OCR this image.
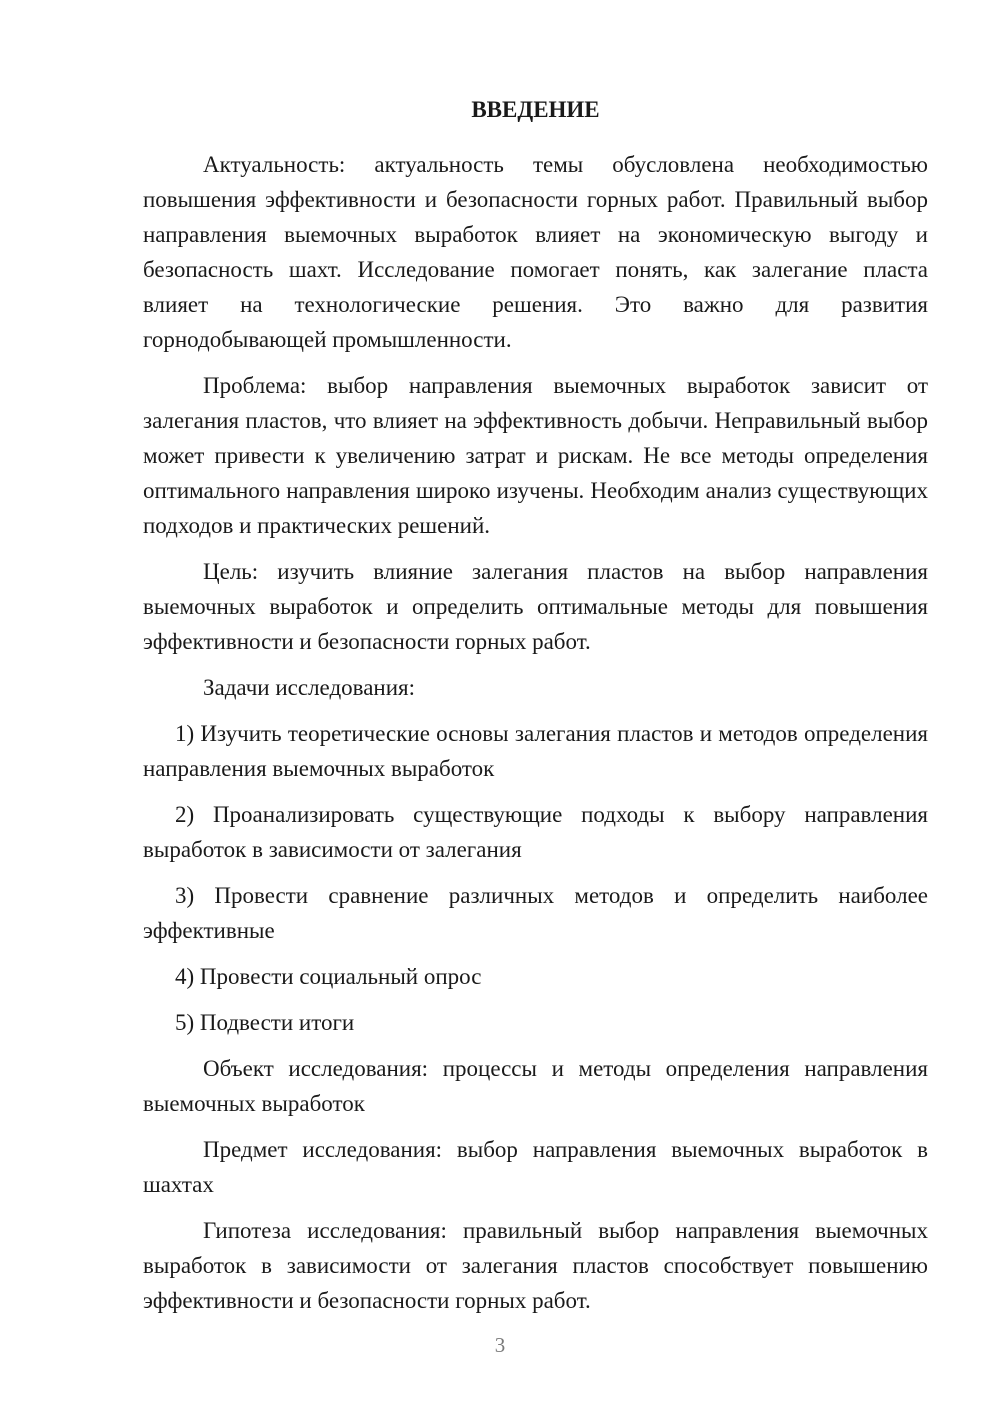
ВВЕДЕНИЕ

Актуальность: актуальность темы обусловлена необходимостью повышения эффективности и безопасности горных работ. Правильный выбор направления выемочных выработок влияет на экономическую выгоду и безопасность шахт. Исследование помогает понять, как залегание пласта влияет на технологические решения. Это важно для развития горнодобывающей промышленности.

Проблема: выбор направления выемочных выработок зависит от залегания пластов, что влияет на эффективность добычи. Неправильный выбор может привести к увеличению затрат и рискам. Не все методы определения оптимального направления широко изучены. Необходим анализ существующих подходов и практических решений.

Цель: изучить влияние залегания пластов на выбор направления выемочных выработок и определить оптимальные методы для повышения эффективности и безопасности горных работ.

Задачи исследования:

1) Изучить теоретические основы залегания пластов и методов определения направления выемочных выработок

2) Проанализировать существующие подходы к выбору направления выработок в зависимости от залегания

3) Провести сравнение различных методов и определить наиболее эффективные

4) Провести социальный опрос

5) Подвести итоги

Объект исследования: процессы и методы определения направления выемочных выработок

Предмет исследования: выбор направления выемочных выработок в шахтах

Гипотеза исследования: правильный выбор направления выемочных выработок в зависимости от залегания пластов способствует повышению эффективности и безопасности горных работ.

3
